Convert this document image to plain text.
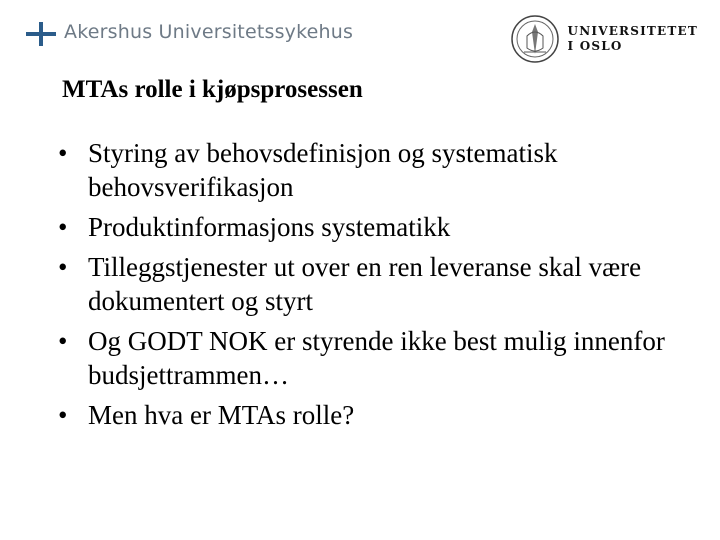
Akershus Universitetssykehus	UNIVERSITETET
I OSLO
MTAs rolle i kjøpsprosessen
• Styring av behovsdefinisjon og systematisk behovsverifikasjon
• Produktinformasjons systematikk
• Tilleggstjenester ut over en ren leveranse skal være dokumentert og styrt
• Og GODT NOK er styrende ikke best mulig innenfor budsjettrammen…
• Men hva er MTAs rolle?
